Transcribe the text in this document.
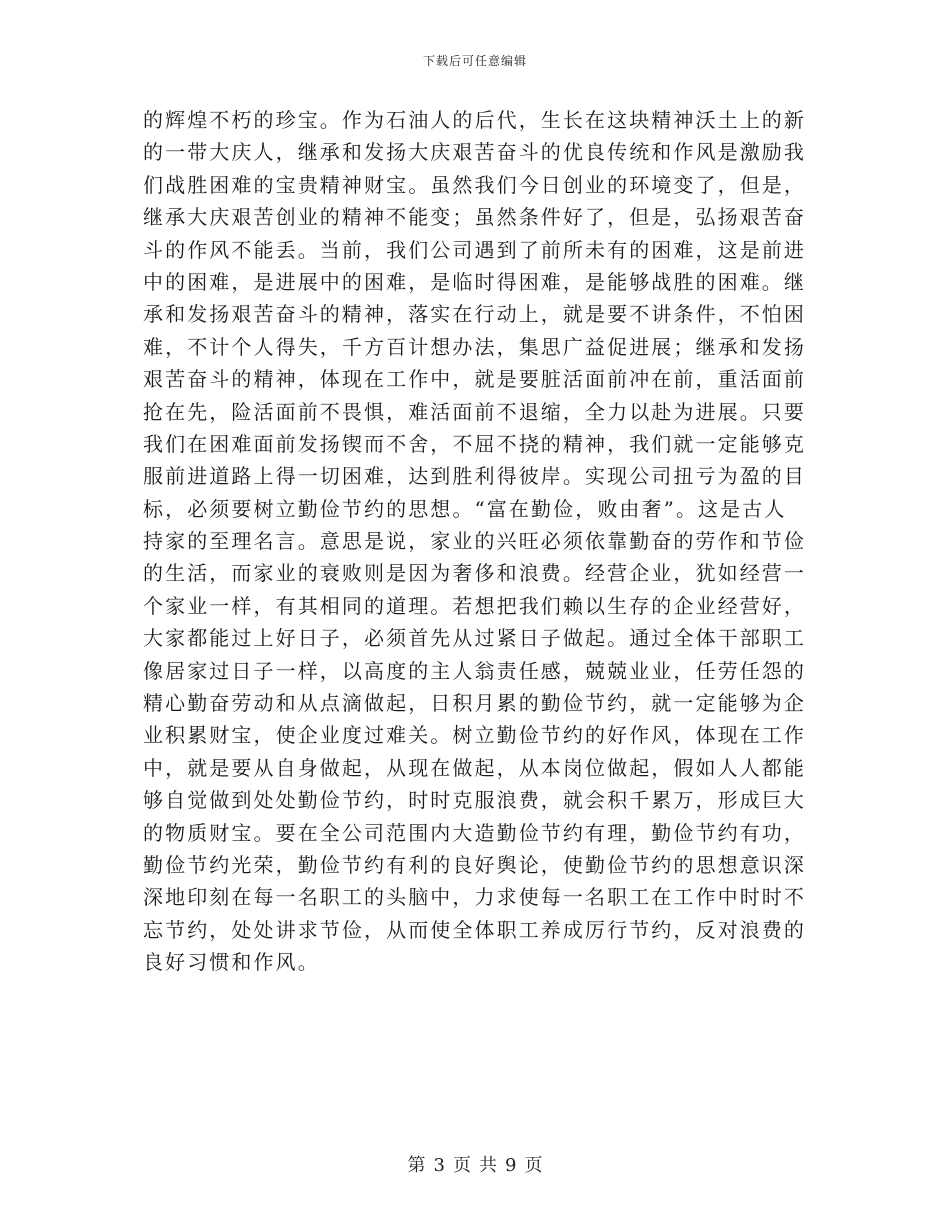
下载后可任意编辑
的辉煌不朽的珍宝。作为石油人的后代，生长在这块精神沃土上的新
的一带大庆人，继承和发扬大庆艰苦奋斗的优良传统和作风是激励我
们战胜困难的宝贵精神财宝。虽然我们今日创业的环境变了，但是，
继承大庆艰苦创业的精神不能变；虽然条件好了，但是，弘扬艰苦奋
斗的作风不能丢。当前，我们公司遇到了前所未有的困难，这是前进
中的困难，是进展中的困难，是临时得困难，是能够战胜的困难。继
承和发扬艰苦奋斗的精神，落实在行动上，就是要不讲条件，不怕困
难，不计个人得失，千方百计想办法，集思广益促进展；继承和发扬
艰苦奋斗的精神，体现在工作中，就是要脏活面前冲在前，重活面前
抢在先，险活面前不畏惧，难活面前不退缩，全力以赴为进展。只要
我们在困难面前发扬锲而不舍，不屈不挠的精神，我们就一定能够克
服前进道路上得一切困难，达到胜利得彼岸。实现公司扭亏为盈的目
标，必须要树立勤俭节约的思想。“富在勤俭，败由奢”。这是古人
持家的至理名言。意思是说，家业的兴旺必须依靠勤奋的劳作和节俭
的生活，而家业的衰败则是因为奢侈和浪费。经营企业，犹如经营一
个家业一样，有其相同的道理。若想把我们赖以生存的企业经营好，
大家都能过上好日子，必须首先从过紧日子做起。通过全体干部职工
像居家过日子一样，以高度的主人翁责任感，兢兢业业，任劳任怨的
精心勤奋劳动和从点滴做起，日积月累的勤俭节约，就一定能够为企
业积累财宝，使企业度过难关。树立勤俭节约的好作风，体现在工作
中，就是要从自身做起，从现在做起，从本岗位做起，假如人人都能
够自觉做到处处勤俭节约，时时克服浪费，就会积千累万，形成巨大
的物质财宝。要在全公司范围内大造勤俭节约有理，勤俭节约有功，
勤俭节约光荣，勤俭节约有利的良好舆论，使勤俭节约的思想意识深
深地印刻在每一名职工的头脑中，力求使每一名职工在工作中时时不
忘节约，处处讲求节俭，从而使全体职工养成厉行节约，反对浪费的
良好习惯和作风。
第 3 页 共 9 页
